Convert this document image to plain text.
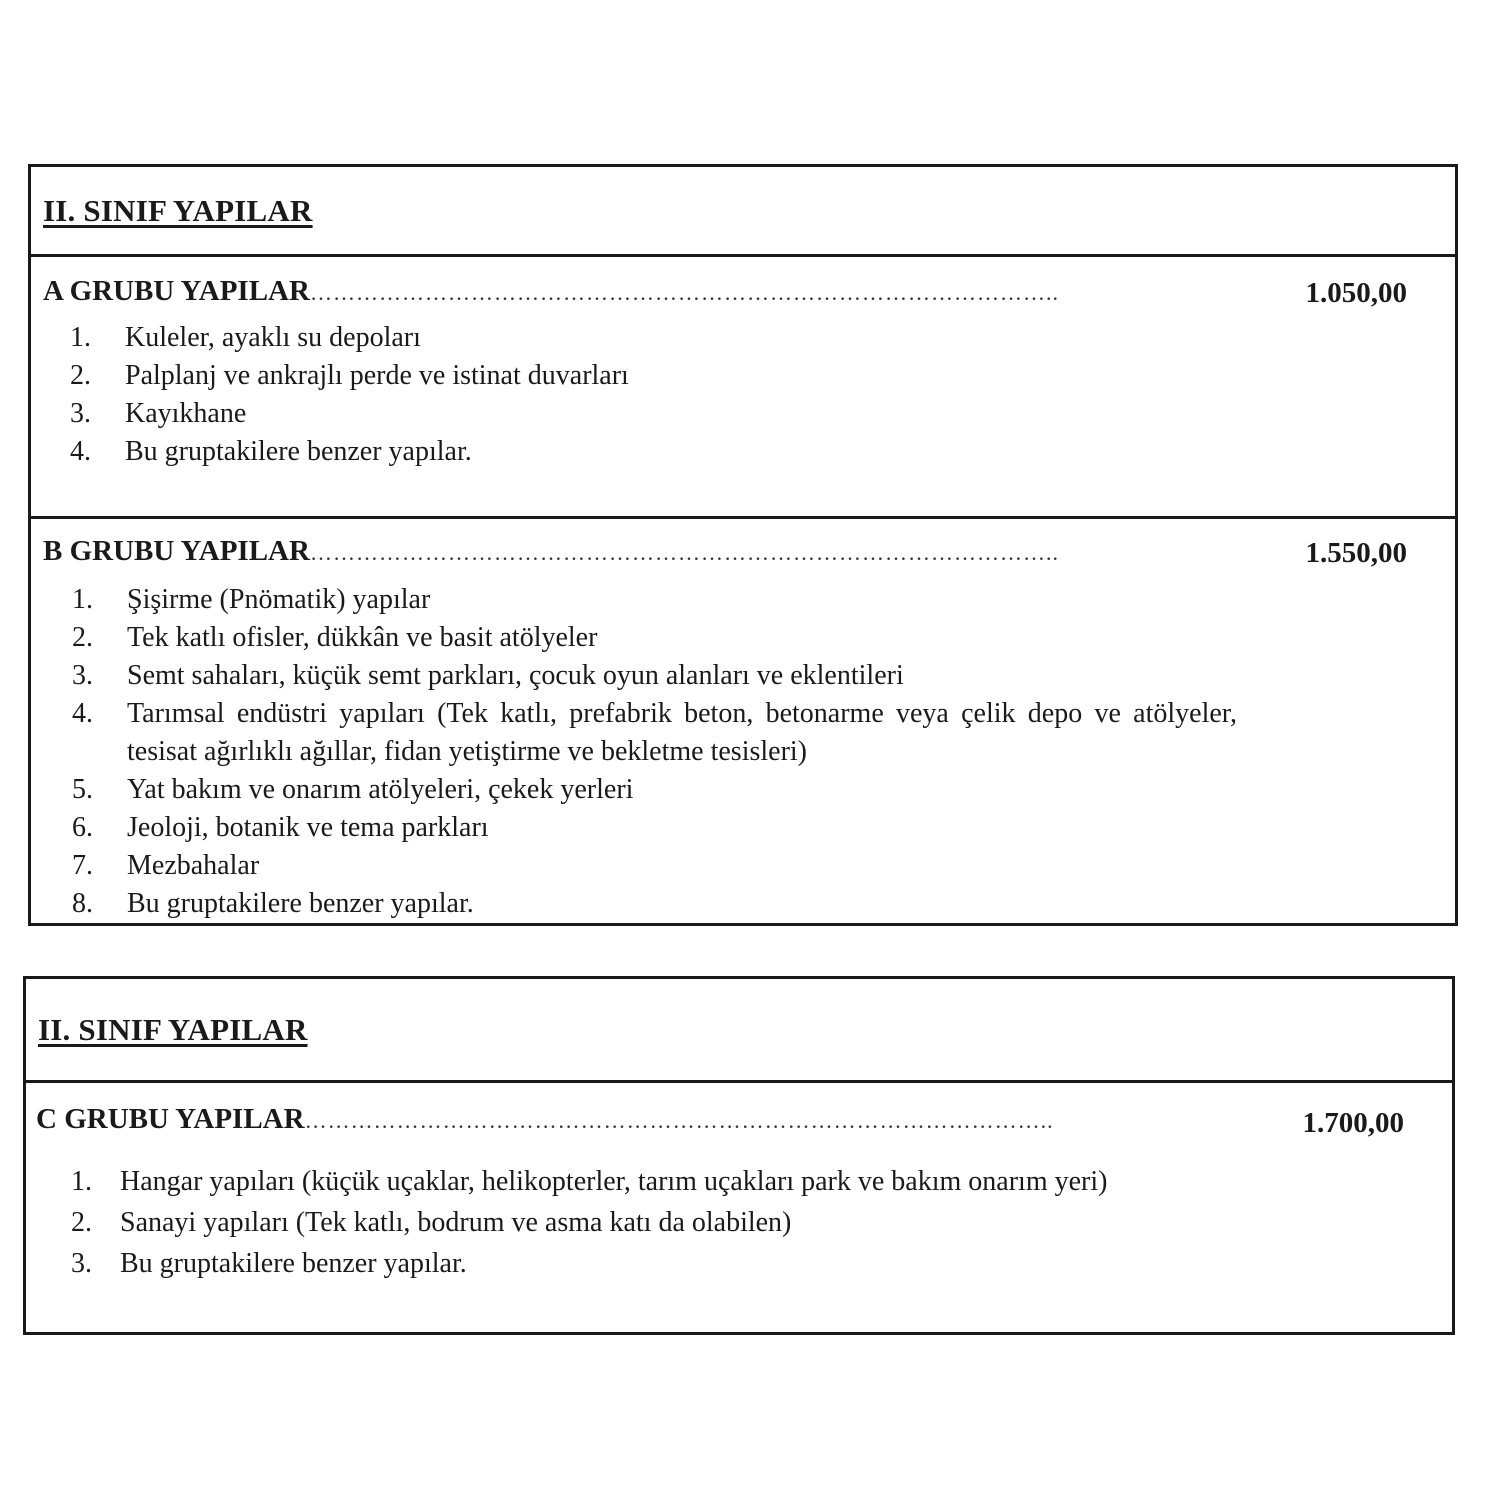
II. SINIF YAPILAR
A GRUBU YAPILAR ……………………………………………………………………………………..	1.050,00
1.	Kuleler, ayaklı su depoları
2.	Palplanj ve ankrajlı perde ve istinat duvarları
3.	Kayıkhane
4.	Bu gruptakilere benzer yapılar.
B GRUBU YAPILAR ……………………………………………………………………………………..	1.550,00
1.	Şişirme (Pnömatik) yapılar
2.	Tek katlı ofisler, dükkân ve basit atölyeler
3.	Semt sahaları, küçük semt parkları, çocuk oyun alanları ve eklentileri
4.	Tarımsal endüstri yapıları (Tek katlı, prefabrik beton, betonarme veya çelik depo ve atölyeler, tesisat ağırlıklı ağıllar, fidan yetiştirme ve bekletme tesisleri)
5.	Yat bakım ve onarım atölyeleri, çekek yerleri
6.	Jeoloji, botanik ve tema parkları
7.	Mezbahalar
8.	Bu gruptakilere benzer yapılar.
II. SINIF YAPILAR
C GRUBU YAPILAR ……………………………………………………………………………………..	1.700,00
1.	Hangar yapıları (küçük uçaklar, helikopterler, tarım uçakları park ve bakım onarım yeri)
2.	Sanayi yapıları (Tek katlı, bodrum ve asma katı da olabilen)
3.	Bu gruptakilere benzer yapılar.
